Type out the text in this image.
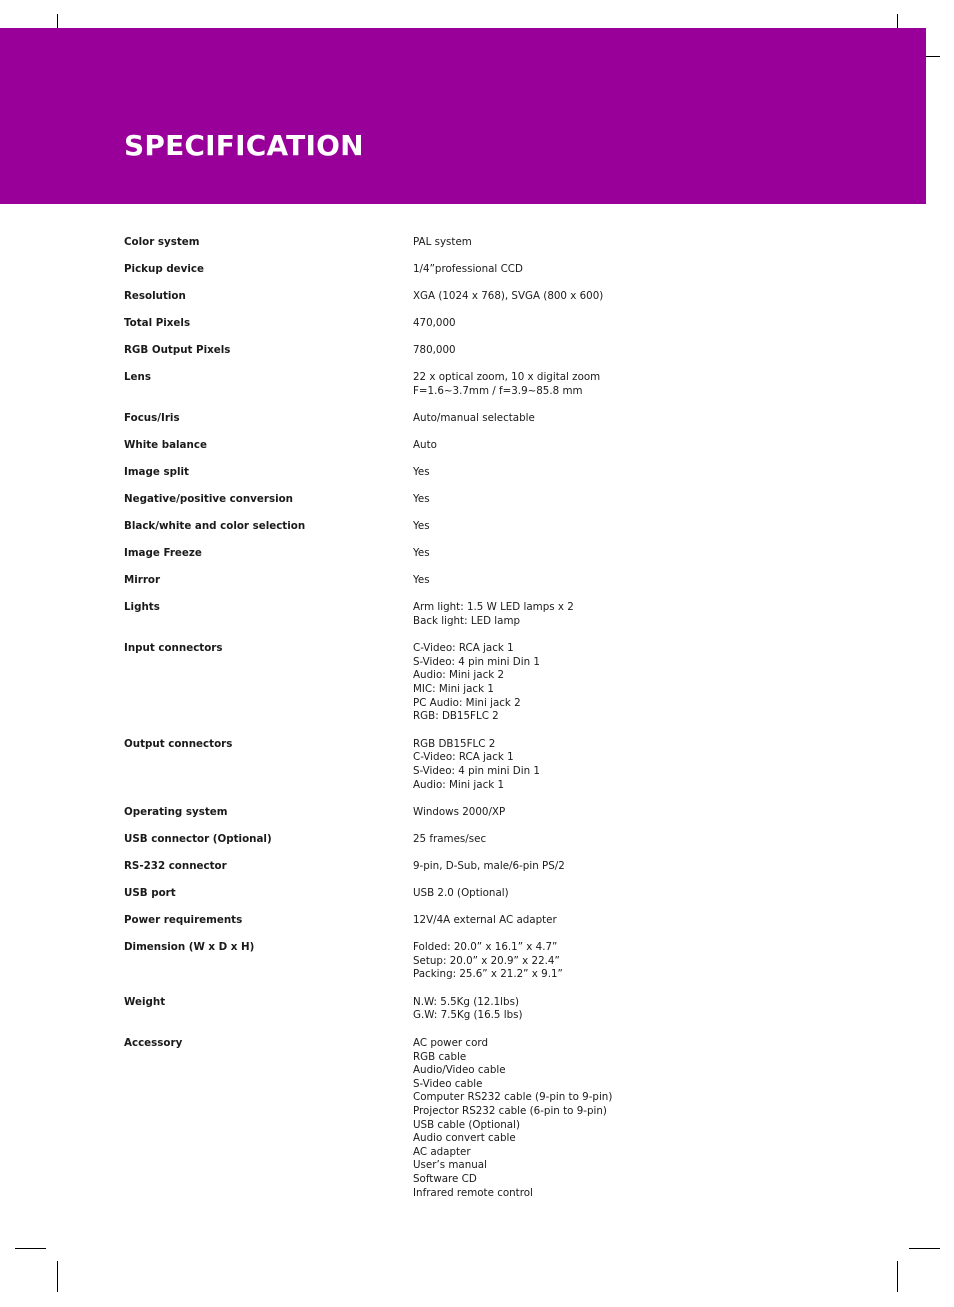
SPECIFICATION
Color system	PAL system
Pickup device	1/4”professional CCD
Resolution	XGA (1024 x 768), SVGA (800 x 600)
Total Pixels	470,000
RGB Output Pixels	780,000
Lens	22 x optical zoom, 10 x digital zoom
F=1.6~3.7mm / f=3.9~85.8 mm
Focus/Iris	Auto/manual selectable
White balance	Auto
Image split	Yes
Negative/positive conversion	Yes
Black/white and color selection	Yes
Image Freeze	Yes
Mirror	Yes
Lights	Arm light: 1.5 W LED lamps x 2
Back light: LED lamp
Input connectors	C-Video: RCA jack 1
S-Video: 4 pin mini Din 1
Audio: Mini jack 2
MIC: Mini jack 1
PC Audio: Mini jack 2
RGB: DB15FLC 2
Output connectors	RGB DB15FLC 2
C-Video: RCA jack 1
S-Video: 4 pin mini Din 1
Audio: Mini jack 1
Operating system	Windows 2000/XP
USB connector (Optional)	25 frames/sec
RS-232 connector	9-pin, D-Sub, male/6-pin PS/2
USB port	USB 2.0 (Optional)
Power requirements	12V/4A external AC adapter
Dimension (W x D x H)	Folded: 20.0” x 16.1” x 4.7”
Setup: 20.0” x 20.9” x 22.4”
Packing: 25.6” x 21.2” x 9.1”
Weight	N.W: 5.5Kg (12.1lbs)
G.W: 7.5Kg (16.5 lbs)
Accessory	AC power cord
RGB cable
Audio/Video cable
S-Video cable
Computer RS232 cable (9-pin to 9-pin)
Projector RS232 cable (6-pin to 9-pin)
USB cable (Optional)
Audio convert cable
AC adapter
User’s manual
Software CD
Infrared remote control
